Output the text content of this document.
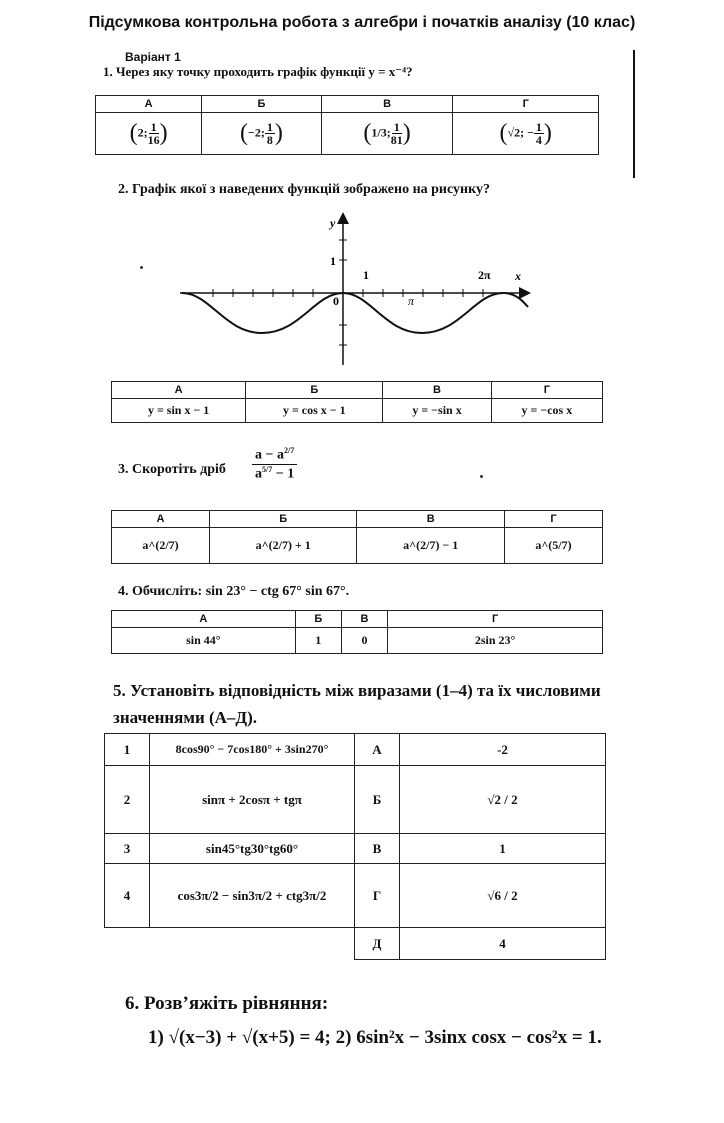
Підсумкова контрольна робота з алгебри і початків аналізу (10 клас)
Варіант 1
1. Через яку точку проходить графік функції y = x⁻⁴?
А	Б	В	Г
(2; $\frac{1}{16}$ )	(−2; $\frac{1}{8}$ )	(1/3; $\frac{1}{81}$ )	(√2; − $\frac{1}{4}$ )
2. Графік якої з наведених функцій зображено на рисунку?
y
x
1
1
0	π
2π
А	Б	В	Г
y = sin x − 1	y = cos x − 1	y = −sin x	y = −cos x
3. Скоротіть дріб
$a - a^{2/7}$
$a^{5/7} - 1$
А	Б	В	Г
a^(2/7)	a^(2/7) + 1	a^(2/7) − 1	a^(5/7)
4. Обчисліть: sin 23° − ctg 67° sin 67°.
А	Б	В	Г
sin 44°	1	0	2sin 23°
5. Установіть відповідність між виразами (1–4) та їх числовими значеннями (А–Д).
1	8cos90° − 7cos180° + 3sin270°	А	-2
2	sinπ + 2cosπ + tgπ	Б	√2 / 2
3	sin45°tg30°tg60°	В	1
4	cos3π/2 − sin3π/2 + ctg3π/2	Г	√6 / 2
		Д	4
6. Розв’яжіть рівняння:
1) √(x−3) + √(x+5) = 4; 2) 6sin²x − 3sinx cosx − cos²x = 1.
